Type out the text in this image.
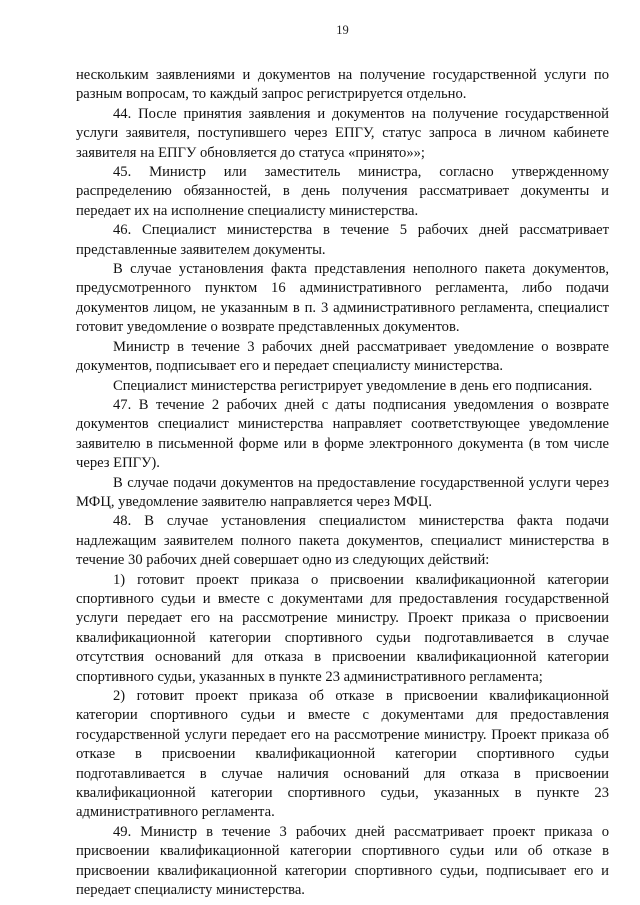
19

нескольким заявлениями и документов на получение государственной услуги по разным вопросам, то каждый запрос регистрируется отдельно.

44. После принятия заявления и документов на получение государственной услуги заявителя, поступившего через ЕПГУ, статус запроса в личном кабинете заявителя на ЕПГУ обновляется до статуса «принято»»;

45. Министр или заместитель министра, согласно утвержденному распределению обязанностей, в день получения рассматривает документы и передает их на исполнение специалисту министерства.

46. Специалист министерства в течение 5 рабочих дней рассматривает представленные заявителем документы.

В случае установления факта представления неполного пакета документов, предусмотренного пунктом 16 административного регламента, либо подачи документов лицом, не указанным в п. 3 административного регламента, специалист готовит уведомление о возврате представленных документов.

Министр в течение 3 рабочих дней рассматривает уведомление о возврате документов, подписывает его и передает специалисту министерства.

Специалист министерства регистрирует уведомление в день его подписания.

47. В течение 2 рабочих дней с даты подписания уведомления о возврате документов специалист министерства направляет соответствующее уведомление заявителю в письменной форме или в форме электронного документа (в том числе через ЕПГУ).

В случае подачи документов на предоставление государственной услуги через МФЦ, уведомление заявителю направляется через МФЦ.

48. В случае установления специалистом министерства факта подачи надлежащим заявителем полного пакета документов, специалист министерства в течение 30 рабочих дней совершает одно из следующих действий:

1) готовит проект приказа о присвоении квалификационной категории спортивного судьи и вместе с документами для предоставления государственной услуги передает его на рассмотрение министру. Проект приказа о присвоении квалификационной категории спортивного судьи подготавливается в случае отсутствия оснований для отказа в присвоении квалификационной категории спортивного судьи, указанных в пункте 23 административного регламента;

2) готовит проект приказа об отказе в присвоении квалификационной категории спортивного судьи и вместе с документами для предоставления государственной услуги передает его на рассмотрение министру. Проект приказа об отказе в присвоении квалификационной категории спортивного судьи подготавливается в случае наличия оснований для отказа в присвоении квалификационной категории спортивного судьи, указанных в пункте 23 административного регламента.

49. Министр в течение 3 рабочих дней рассматривает проект приказа о присвоении квалификационной категории спортивного судьи или об отказе в присвоении квалификационной категории спортивного судьи, подписывает его и передает специалисту министерства.
